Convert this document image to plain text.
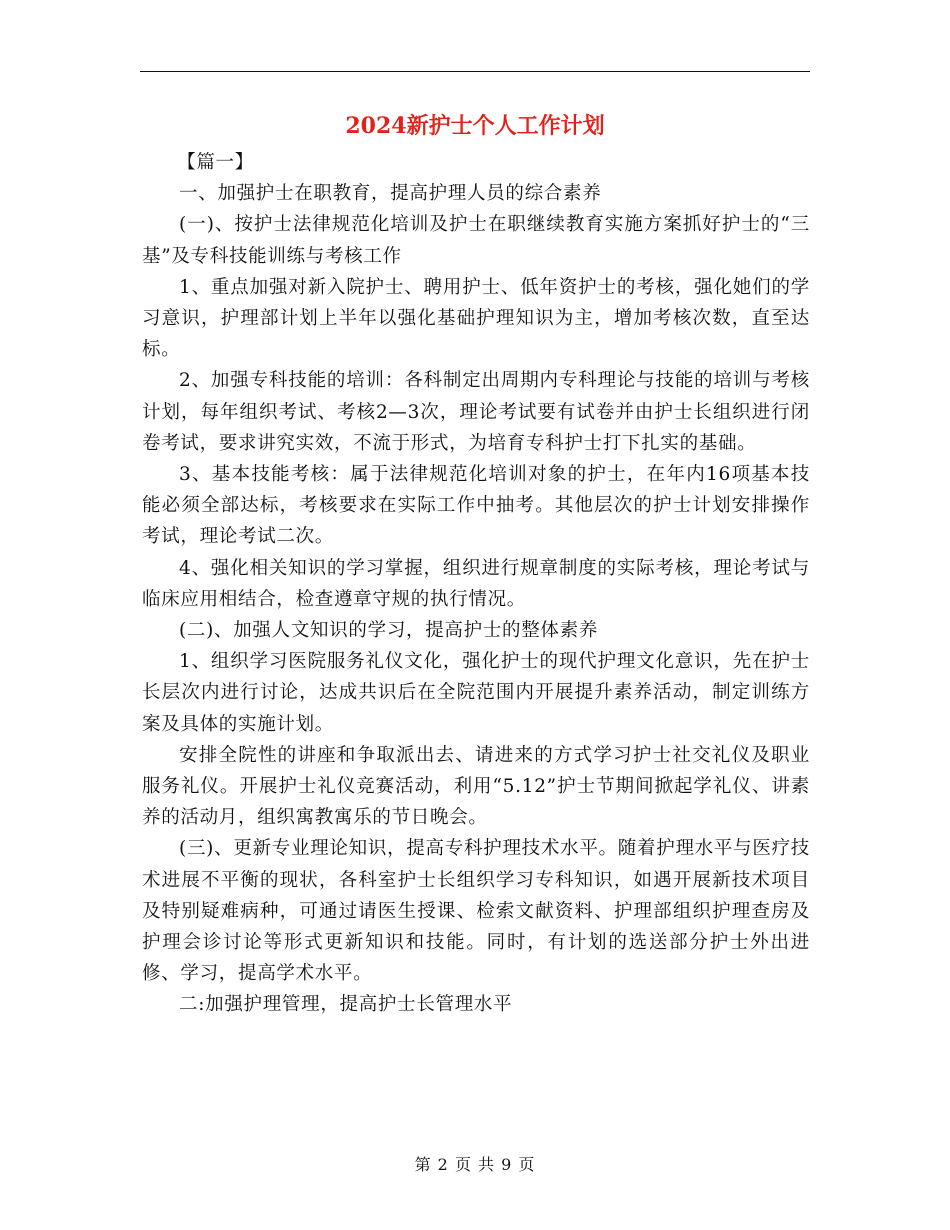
2024新护士个人工作计划

【篇一】

一、加强护士在职教育，提高护理人员的综合素养

(一)、按护士法律规范化培训及护士在职继续教育实施方案抓好护士的“三基”及专科技能训练与考核工作

1、重点加强对新入院护士、聘用护士、低年资护士的考核，强化她们的学习意识，护理部计划上半年以强化基础护理知识为主，增加考核次数，直至达标。

2、加强专科技能的培训：各科制定出周期内专科理论与技能的培训与考核计划，每年组织考试、考核2—3次，理论考试要有试卷并由护士长组织进行闭卷考试，要求讲究实效，不流于形式，为培育专科护士打下扎实的基础。

3、基本技能考核：属于法律规范化培训对象的护士，在年内16项基本技能必须全部达标，考核要求在实际工作中抽考。其他层次的护士计划安排操作考试，理论考试二次。

4、强化相关知识的学习掌握，组织进行规章制度的实际考核，理论考试与临床应用相结合，检查遵章守规的执行情况。

(二)、加强人文知识的学习，提高护士的整体素养

1、组织学习医院服务礼仪文化，强化护士的现代护理文化意识，先在护士长层次内进行讨论，达成共识后在全院范围内开展提升素养活动，制定训练方案及具体的实施计划。

安排全院性的讲座和争取派出去、请进来的方式学习护士社交礼仪及职业服务礼仪。开展护士礼仪竞赛活动，利用“5.12”护士节期间掀起学礼仪、讲素养的活动月，组织寓教寓乐的节日晚会。

(三)、更新专业理论知识，提高专科护理技术水平。随着护理水平与医疗技术进展不平衡的现状，各科室护士长组织学习专科知识，如遇开展新技术项目及特别疑难病种，可通过请医生授课、检索文献资料、护理部组织护理查房及护理会诊讨论等形式更新知识和技能。同时，有计划的选送部分护士外出进修、学习，提高学术水平。

二:加强护理管理，提高护士长管理水平

第 2 页 共 9 页
